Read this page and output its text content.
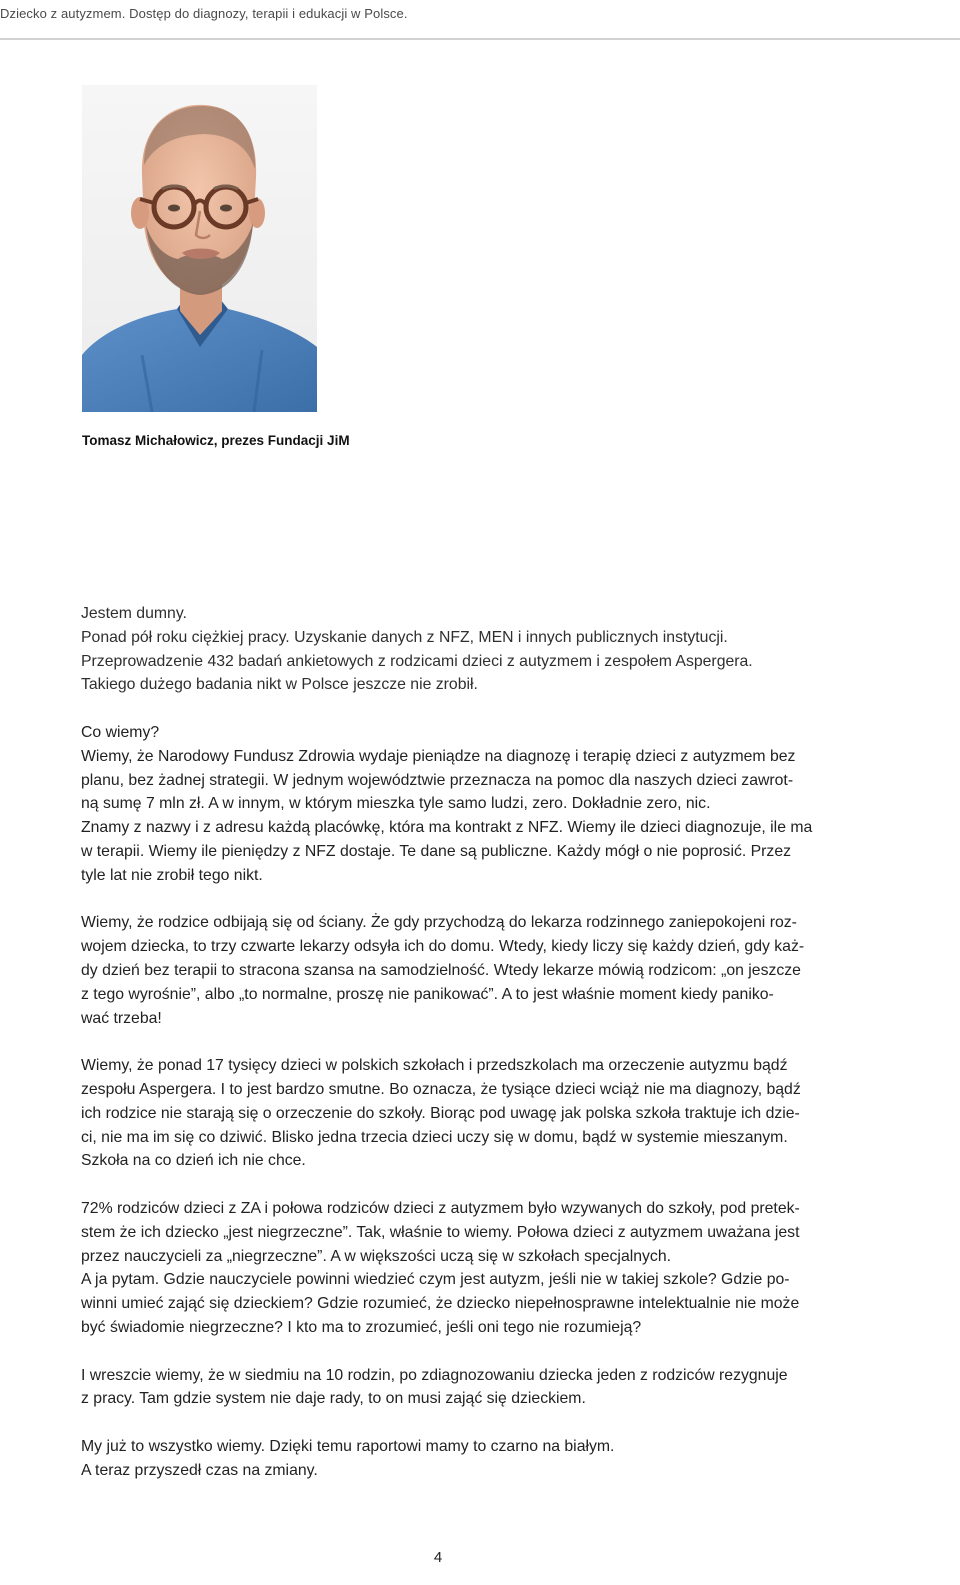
Dziecko z autyzmem. Dostęp do diagnozy, terapii i edukacji w Polsce.
Tomasz Michałowicz, prezes Fundacji JiM

Jestem dumny.

Ponad pół roku ciężkiej pracy. Uzyskanie danych z NFZ, MEN i innych publicznych instytucji.

Przeprowadzenie 432 badań ankietowych z rodzicami dzieci z autyzmem i zespołem Aspergera.

Takiego dużego badania nikt w Polsce jeszcze nie zrobił.

Co wiemy?

Wiemy, że Narodowy Fundusz Zdrowia wydaje pieniądze na diagnozę i terapię dzieci z autyzmem bez

planu, bez żadnej strategii. W jednym województwie przeznacza na pomoc dla naszych dzieci zawrot-

ną sumę 7 mln zł. A w innym, w którym mieszka tyle samo ludzi, zero. Dokładnie zero, nic.

Znamy z nazwy i z adresu każdą placówkę, która ma kontrakt z NFZ. Wiemy ile dzieci diagnozuje, ile ma

w terapii. Wiemy ile pieniędzy z NFZ dostaje. Te dane są publiczne. Każdy mógł o nie poprosić. Przez

tyle lat nie zrobił tego nikt.

Wiemy, że rodzice odbijają się od ściany. Że gdy przychodzą do lekarza rodzinnego zaniepokojeni roz-

wojem dziecka, to trzy czwarte lekarzy odsyła ich do domu. Wtedy, kiedy liczy się każdy dzień, gdy każ-

dy dzień bez terapii to stracona szansa na samodzielność. Wtedy lekarze mówią rodzicom: „on jeszcze

z tego wyrośnie”, albo „to normalne, proszę nie panikować”. A to jest właśnie moment kiedy paniko-

wać trzeba!

Wiemy, że ponad 17 tysięcy dzieci w polskich szkołach i przedszkolach ma orzeczenie autyzmu bądź

zespołu Aspergera. I to jest bardzo smutne. Bo oznacza, że tysiące dzieci wciąż nie ma diagnozy, bądź

ich rodzice nie starają się o orzeczenie do szkoły. Biorąc pod uwagę jak polska szkoła traktuje ich dzie-

ci, nie ma im się co dziwić. Blisko jedna trzecia dzieci uczy się w domu, bądź w systemie mieszanym.

Szkoła na co dzień ich nie chce.

72% rodziców dzieci z ZA i połowa rodziców dzieci z autyzmem było wzywanych do szkoły, pod pretek-

stem że ich dziecko „jest niegrzeczne”. Tak, właśnie to wiemy. Połowa dzieci z autyzmem uważana jest

przez nauczycieli za „niegrzeczne”. A w większości uczą się w szkołach specjalnych.

A ja pytam. Gdzie nauczyciele powinni wiedzieć czym jest autyzm, jeśli nie w takiej szkole? Gdzie po-

winni umieć zająć się dzieckiem? Gdzie rozumieć, że dziecko niepełnosprawne intelektualnie nie może

być świadomie niegrzeczne? I kto ma to zrozumieć, jeśli oni tego nie rozumieją?

I wreszcie wiemy, że w siedmiu na 10 rodzin, po zdiagnozowaniu dziecka jeden z rodziców rezygnuje

z pracy. Tam gdzie system nie daje rady, to on musi zająć się dzieckiem.

My już to wszystko wiemy. Dzięki temu raportowi mamy to czarno na białym.

A teraz przyszedł czas na zmiany.

4
